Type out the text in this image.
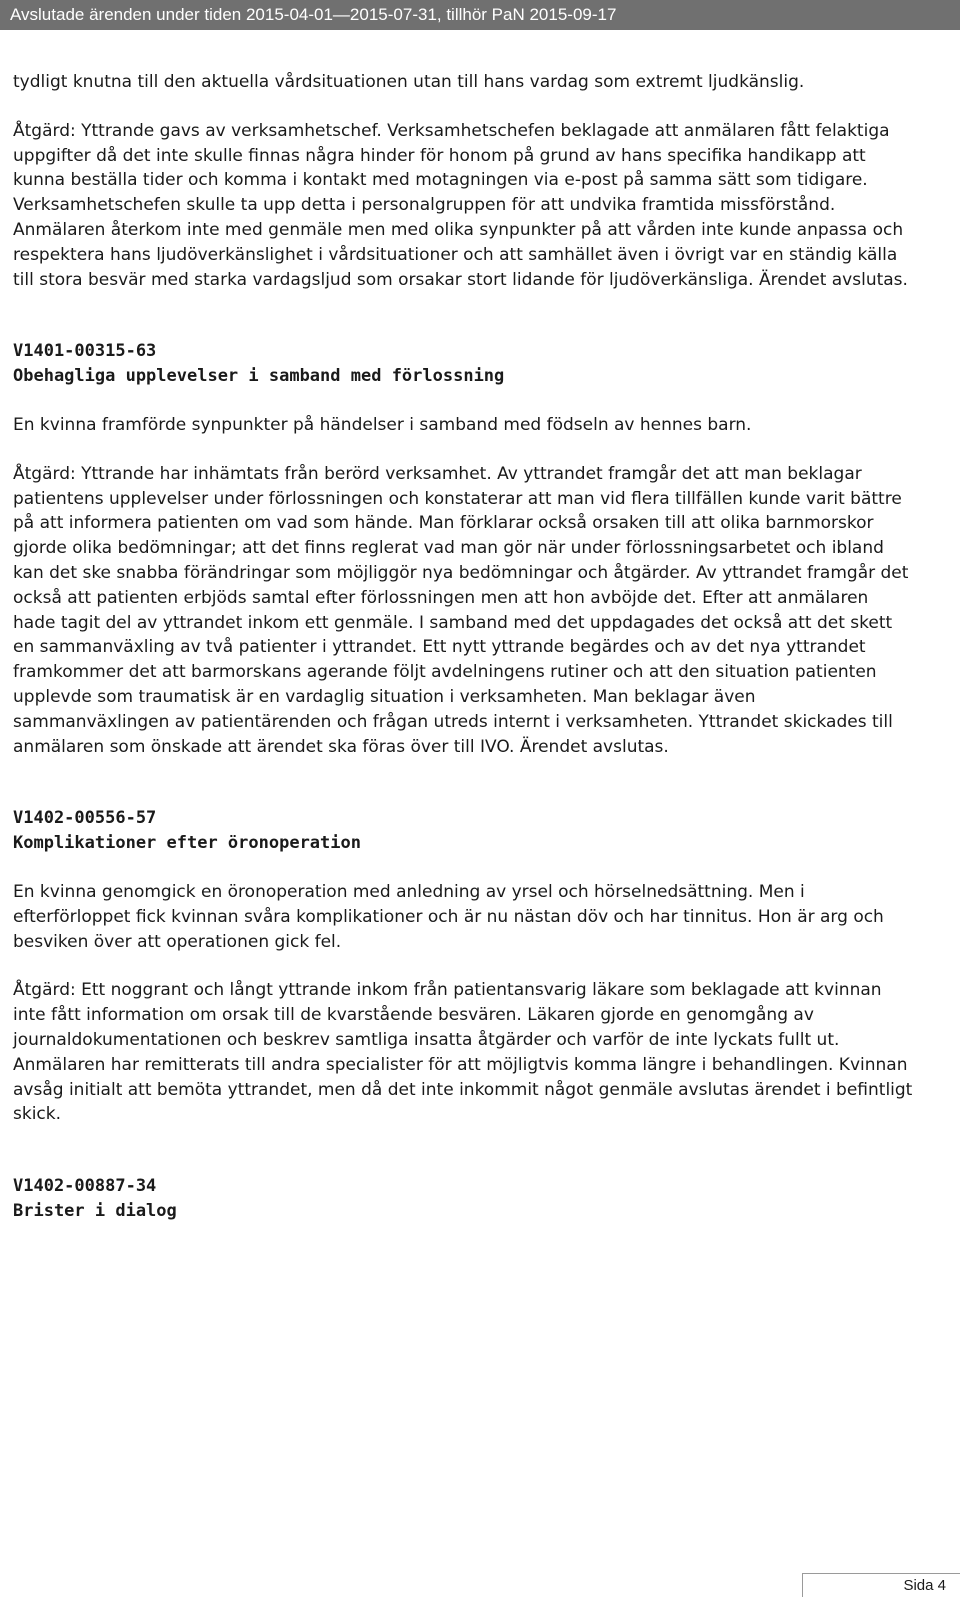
Avslutade ärenden under tiden 2015-04-01—2015-07-31, tillhör PaN 2015-09-17

tydligt knutna till den aktuella vårdsituationen utan till hans vardag som extremt ljudkänslig.

Åtgärd: Yttrande gavs av verksamhetschef. Verksamhetschefen beklagade att anmälaren fått felaktiga uppgifter då det inte skulle finnas några hinder för honom på grund av hans specifika handikapp att kunna beställa tider och komma i kontakt med motagningen via e-post på samma sätt som tidigare. Verksamhetschefen skulle ta upp detta i personalgruppen för att undvika framtida missförstånd. Anmälaren återkom inte med genmäle men med olika synpunkter på att vården inte kunde anpassa och respektera hans ljudöverkänslighet i vårdsituationer och att samhället även i övrigt var en ständig källa till stora besvär med starka vardagsljud som orsakar stort lidande för ljudöverkänsliga. Ärendet avslutas.

V1401-00315-63

Obehagliga upplevelser i samband med förlossning

En kvinna framförde synpunkter på händelser i samband med födseln av hennes barn.

Åtgärd: Yttrande har inhämtats från berörd verksamhet. Av yttrandet framgår det att man beklagar patientens upplevelser under förlossningen och konstaterar att man vid flera tillfällen kunde varit bättre på att informera patienten om vad som hände. Man förklarar också orsaken till att olika barnmorskor gjorde olika bedömningar; att det finns reglerat vad man gör när under förlossningsarbetet och ibland kan det ske snabba förändringar som möjliggör nya bedömningar och åtgärder. Av yttrandet framgår det också att patienten erbjöds samtal efter förlossningen men att hon avböjde det. Efter att anmälaren hade tagit del av yttrandet inkom ett genmäle. I samband med det uppdagades det också att det skett en sammanväxling av två patienter i yttrandet. Ett nytt yttrande begärdes och av det nya yttrandet framkommer det att barmorskans agerande följt avdelningens rutiner och att den situation patienten upplevde som traumatisk är en vardaglig situation i verksamheten. Man beklagar även sammanväxlingen av patientärenden och frågan utreds internt i verksamheten. Yttrandet skickades till anmälaren som önskade att ärendet ska föras över till IVO. Ärendet avslutas.

V1402-00556-57

Komplikationer efter öronoperation

En kvinna genomgick en öronoperation med anledning av yrsel och hörselnedsättning. Men i efterförloppet fick kvinnan svåra komplikationer och är nu nästan döv och har tinnitus. Hon är arg och besviken över att operationen gick fel.

Åtgärd: Ett noggrant och långt yttrande inkom från patientansvarig läkare som beklagade att kvinnan inte fått information om orsak till de kvarstående besvären. Läkaren gjorde en genomgång av journaldokumentationen och beskrev samtliga insatta åtgärder och varför de inte lyckats fullt ut. Anmälaren har remitterats till andra specialister för att möjligtvis komma längre i behandlingen. Kvinnan avsåg initialt att bemöta yttrandet, men då det inte inkommit något genmäle avslutas ärendet i befintligt skick.

V1402-00887-34

Brister i dialog

Sida 4
